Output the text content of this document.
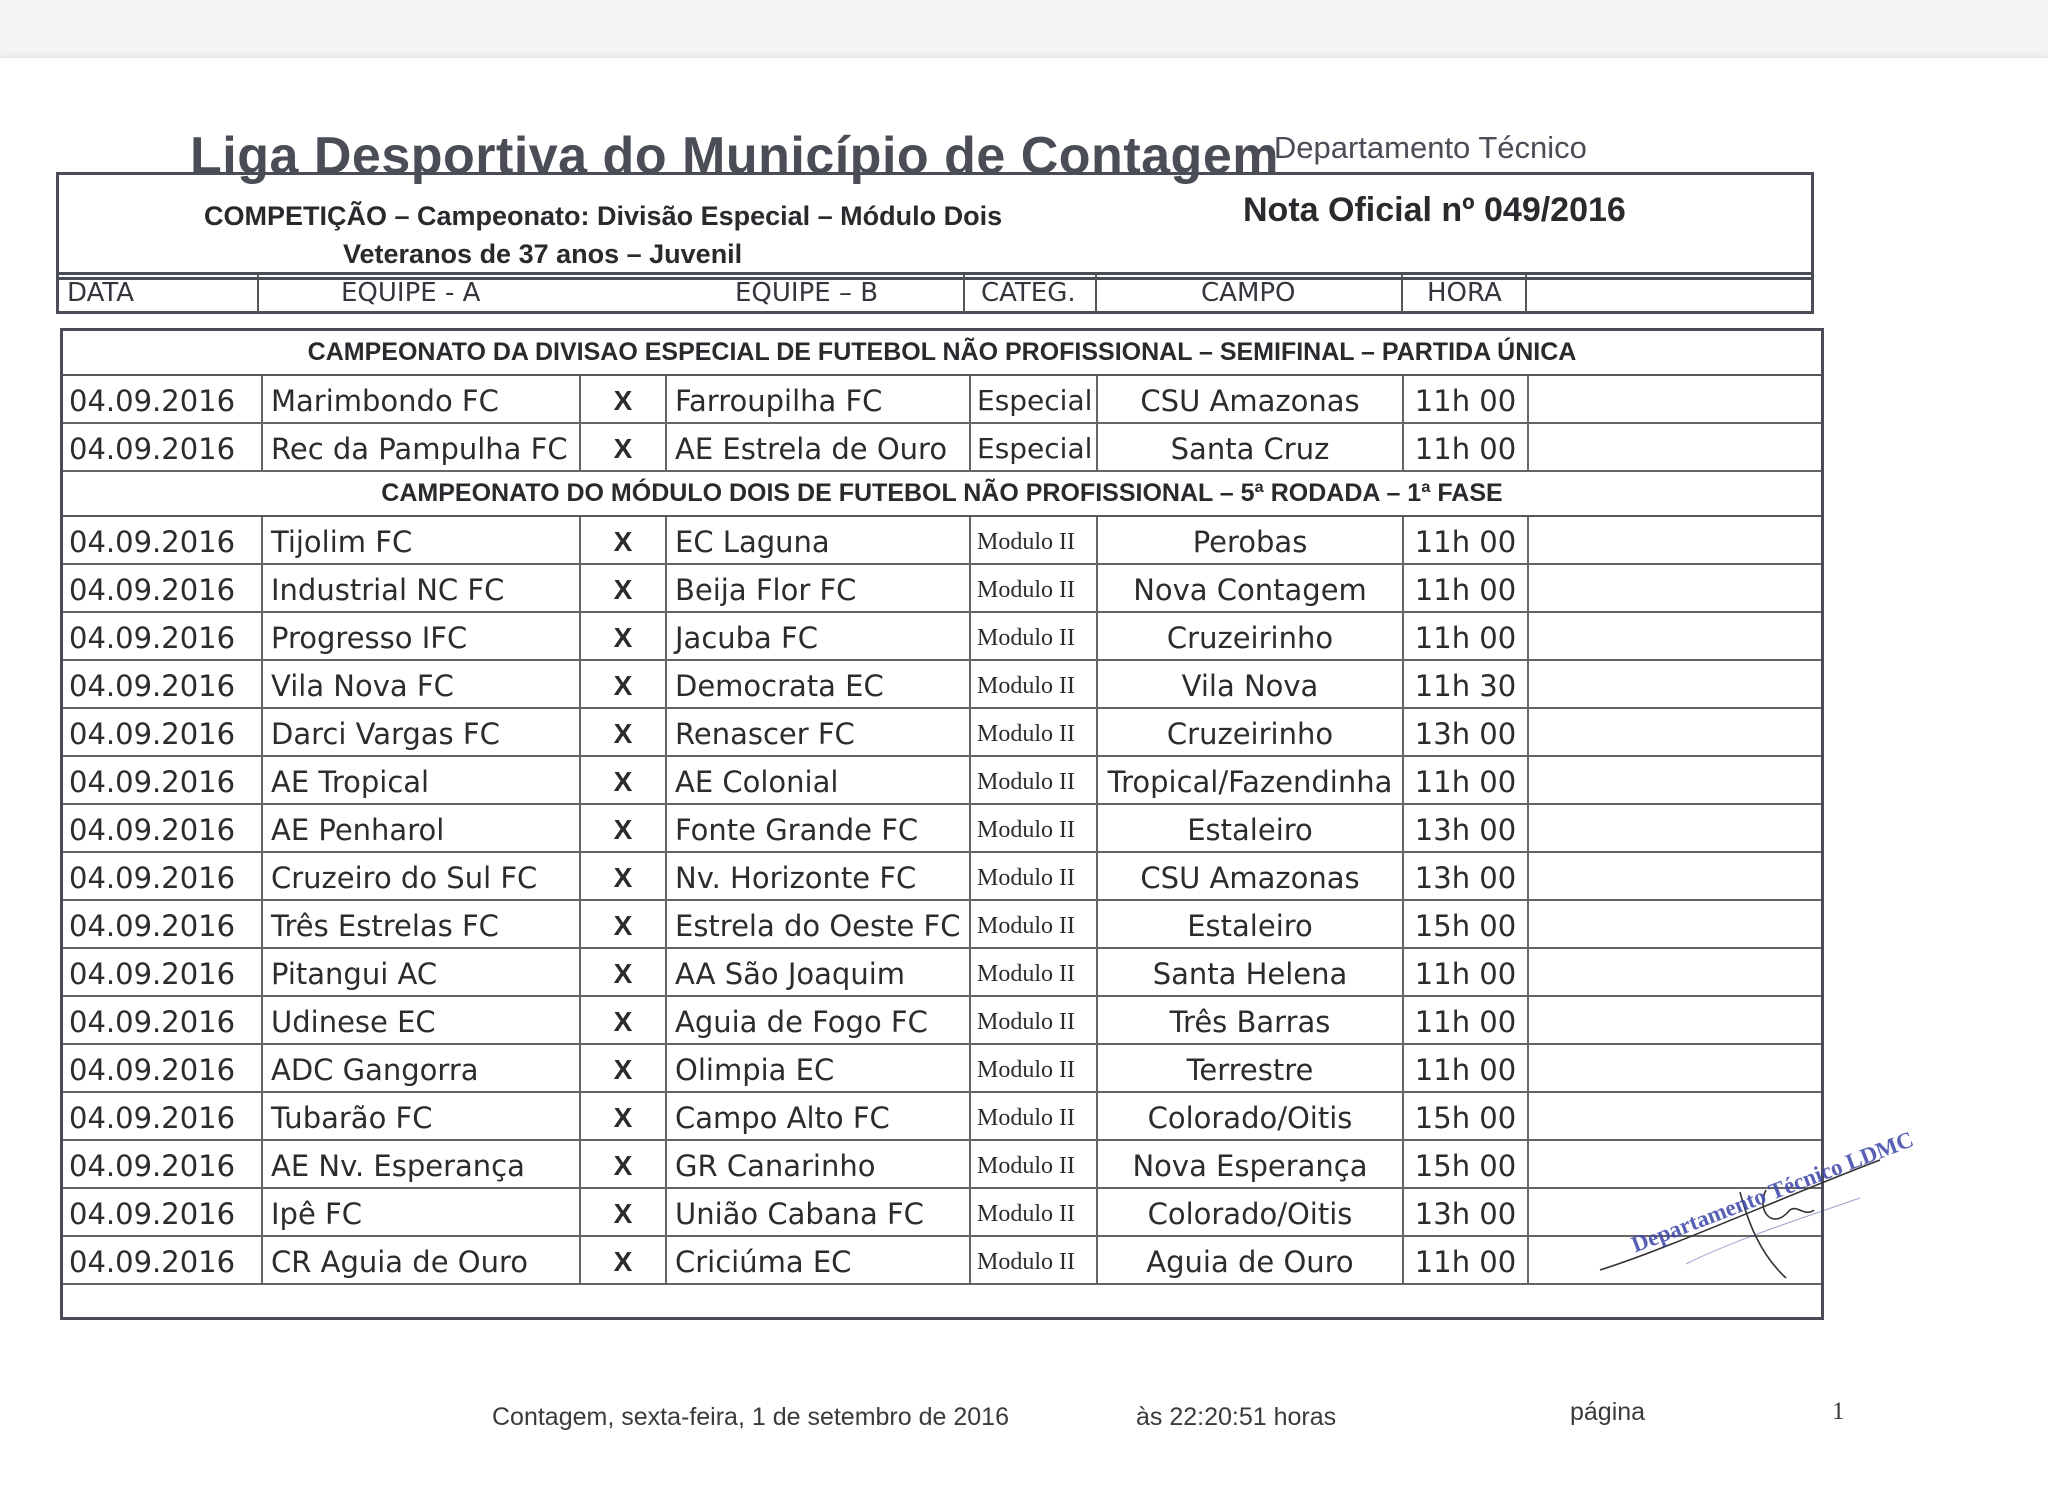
Liga Desportiva do Município de Contagem
– Departamento Técnico
COMPETIÇÃO – Campeonato: Divisão Especial – Módulo Dois
Veteranos de 37 anos – Juvenil
Nota Oficial nº 049/2016
DATA	EQUIPE - A	EQUIPE – B	CATEG.	CAMPO	HORA
CAMPEONATO DA DIVISAO ESPECIAL DE FUTEBOL NÃO PROFISSIONAL – SEMIFINAL – PARTIDA ÚNICA
04.09.2016	Marimbondo FC	X	Farroupilha FC	Especial	CSU Amazonas	11h 00
04.09.2016	Rec da Pampulha FC	X	AE Estrela de Ouro	Especial	Santa Cruz	11h 00
CAMPEONATO DO MÓDULO DOIS DE FUTEBOL NÃO PROFISSIONAL – 5ª RODADA – 1ª FASE
04.09.2016	Tijolim FC	X	EC Laguna	Modulo II	Perobas	11h 00
04.09.2016	Industrial NC FC	X	Beija Flor FC	Modulo II	Nova Contagem	11h 00
04.09.2016	Progresso IFC	X	Jacuba FC	Modulo II	Cruzeirinho	11h 00
04.09.2016	Vila Nova FC	X	Democrata EC	Modulo II	Vila Nova	11h 30
04.09.2016	Darci Vargas FC	X	Renascer FC	Modulo II	Cruzeirinho	13h 00
04.09.2016	AE Tropical	X	AE Colonial	Modulo II	Tropical/Fazendinha 11h 00
04.09.2016	AE Penharol	X	Fonte Grande FC	Modulo II	Estaleiro	13h 00
04.09.2016	Cruzeiro do Sul FC	X	Nv. Horizonte FC	Modulo II	CSU Amazonas	13h 00
04.09.2016	Três Estrelas FC	X	Estrela do Oeste FC Modulo II	Estaleiro	15h 00
04.09.2016	Pitangui AC	X	AA São Joaquim	Modulo II	Santa Helena	11h 00
04.09.2016	Udinese EC	X	Aguia de Fogo FC	Modulo II	Três Barras	11h 00
04.09.2016	ADC Gangorra	X	Olimpia EC	Modulo II	Terrestre	11h 00
04.09.2016	Tubarão FC	X	Campo Alto FC	Modulo II	Colorado/Oitis	15h 00
04.09.2016	AE Nv. Esperança	X	GR Canarinho	Modulo II	Nova Esperança	15h 00
04.09.2016	Ipê FC	X	União Cabana FC	Modulo II	Colorado/Oitis	13h 00
04.09.2016	CR Aguia de Ouro	X	Criciúma EC	Modulo II	Aguia de Ouro	11h 00
Departamento Técnico LDMC
Contagem, sexta-feira, 1 de setembro de 2016	às 22:20:51 horas	página	1
